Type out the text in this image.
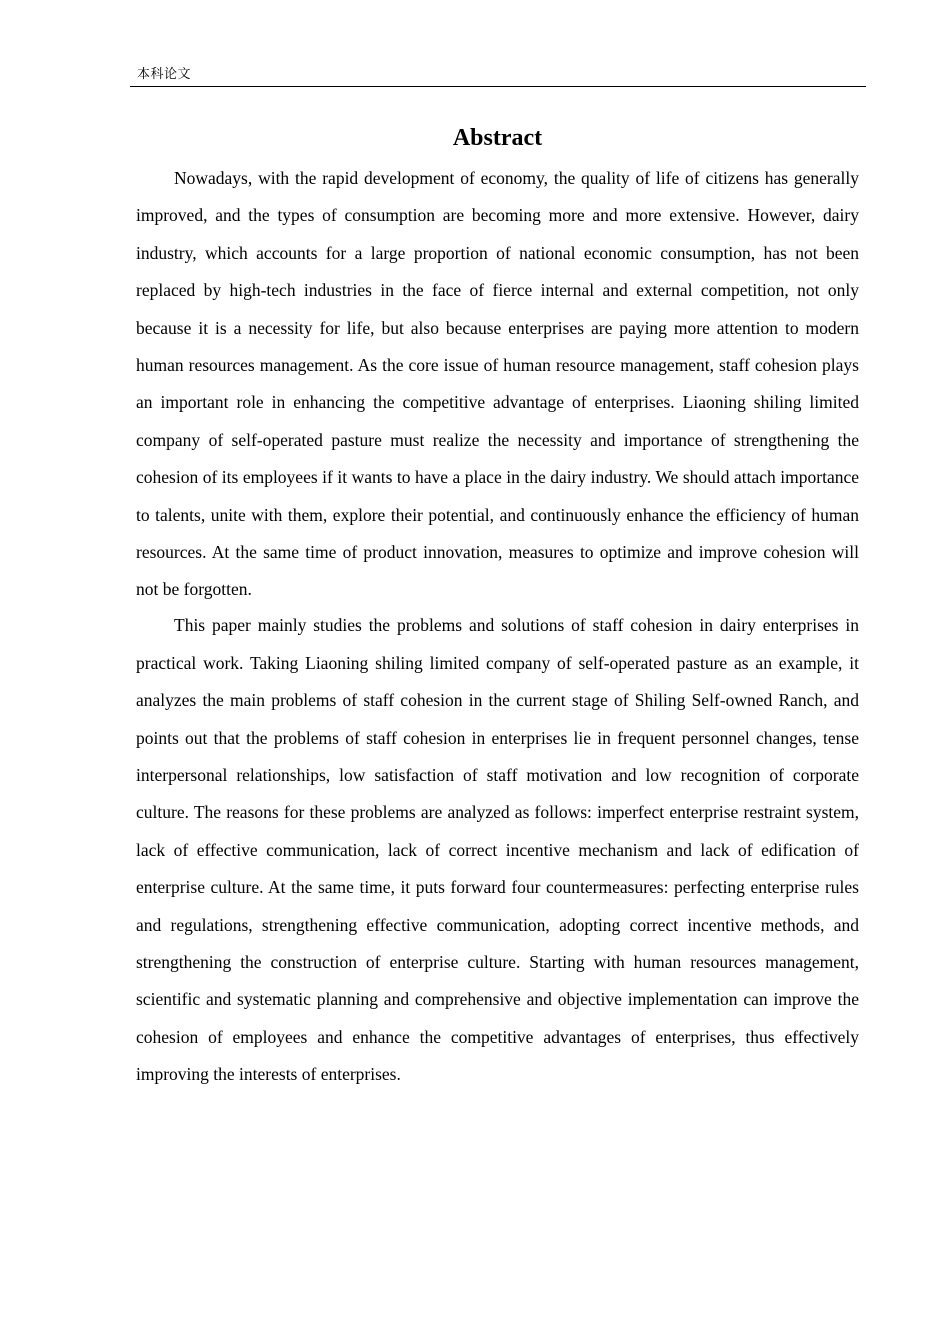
本科论文
Abstract

Nowadays, with the rapid development of economy, the quality of life of citizens has generally improved, and the types of consumption are becoming more and more extensive. However, dairy industry, which accounts for a large proportion of national economic consumption, has not been replaced by high-tech industries in the face of fierce internal and external competition, not only because it is a necessity for life, but also because enterprises are paying more attention to modern human resources management. As the core issue of human resource management, staff cohesion plays an important role in enhancing the competitive advantage of enterprises. Liaoning shiling limited company of self-operated pasture must realize the necessity and importance of strengthening the cohesion of its employees if it wants to have a place in the dairy industry. We should attach importance to talents, unite with them, explore their potential, and continuously enhance the efficiency of human resources. At the same time of product innovation, measures to optimize and improve cohesion will not be forgotten.

This paper mainly studies the problems and solutions of staff cohesion in dairy enterprises in practical work. Taking Liaoning shiling limited company of self-operated pasture as an example, it analyzes the main problems of staff cohesion in the current stage of Shiling Self-owned Ranch, and points out that the problems of staff cohesion in enterprises lie in frequent personnel changes, tense interpersonal relationships, low satisfaction of staff motivation and low recognition of corporate culture. The reasons for these problems are analyzed as follows: imperfect enterprise restraint system, lack of effective communication, lack of correct incentive mechanism and lack of edification of enterprise culture. At the same time, it puts forward four countermeasures: perfecting enterprise rules and regulations, strengthening effective communication, adopting correct incentive methods, and strengthening the construction of enterprise culture. Starting with human resources management, scientific and systematic planning and comprehensive and objective implementation can improve the cohesion of employees and enhance the competitive advantages of enterprises, thus effectively improving the interests of enterprises.
